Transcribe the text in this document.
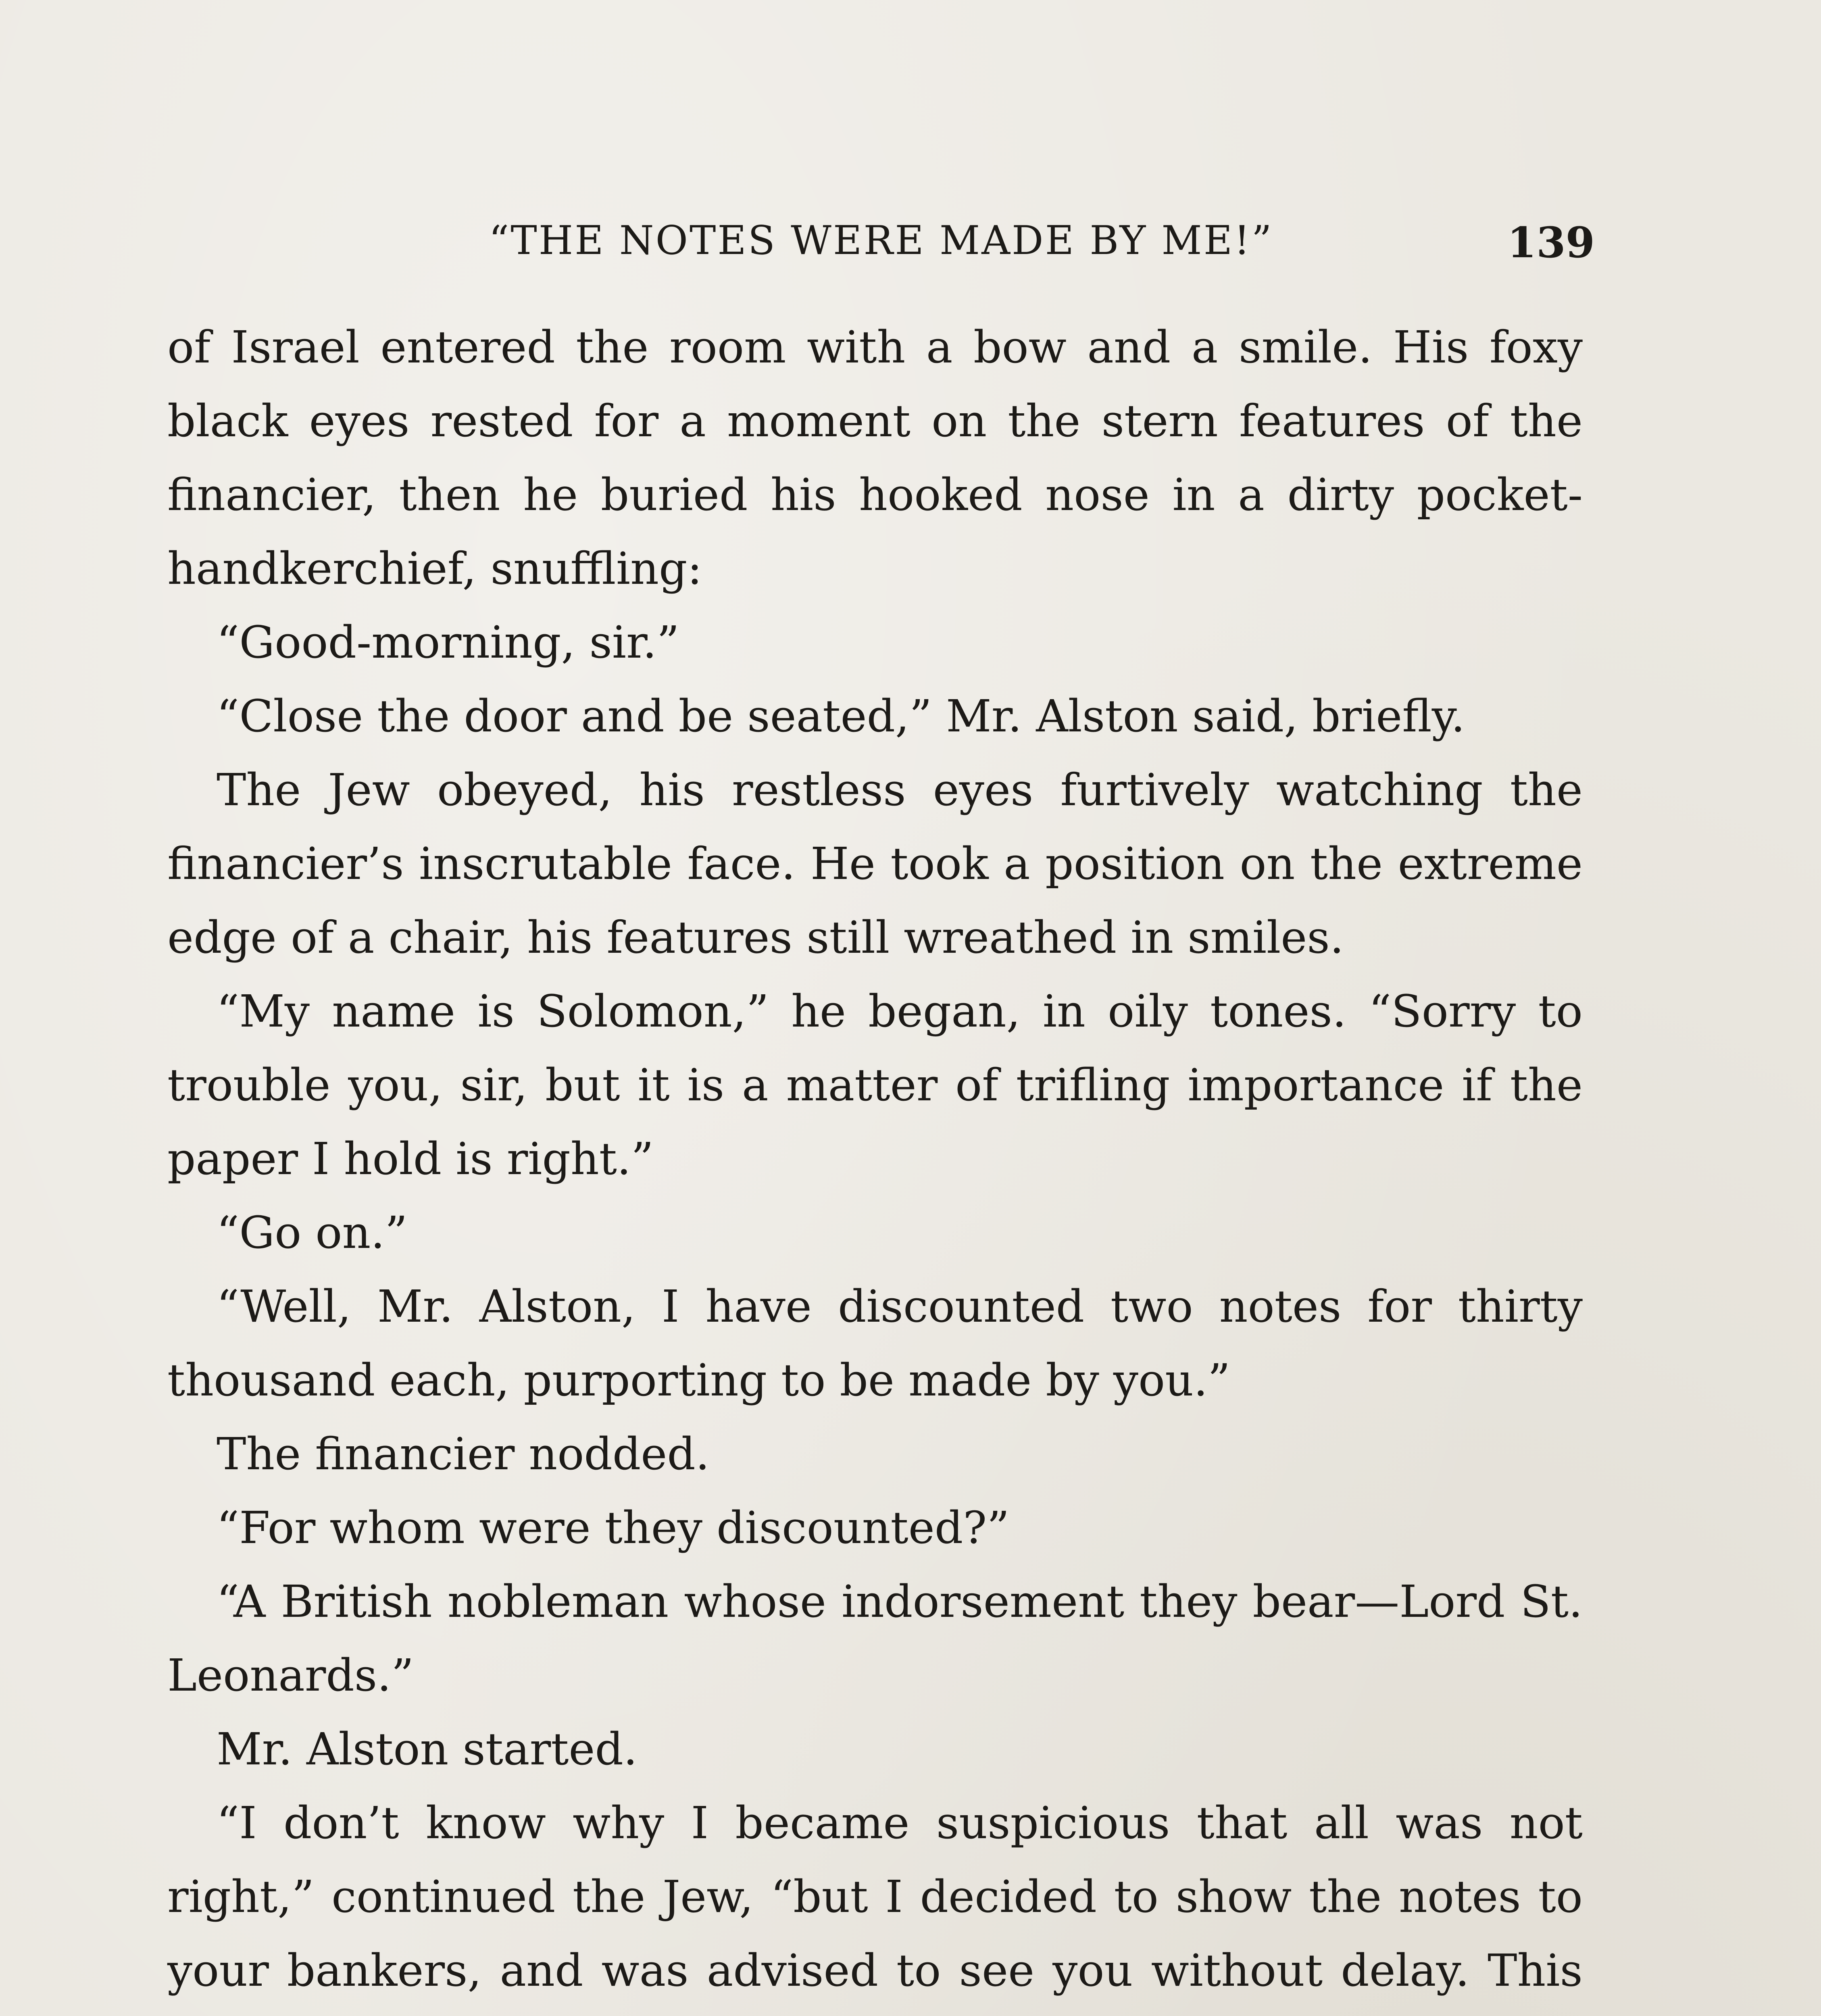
“THE NOTES WERE MADE BY ME!”	139

of Israel entered the room with a bow and a smile. His foxy black eyes rested for a moment on the stern features of the financier, then he buried his hooked nose in a dirty pocket-handkerchief, snuffling:

“Good-morning, sir.”

“Close the door and be seated,” Mr. Alston said, briefly.

The Jew obeyed, his restless eyes furtively watching the financier’s inscrutable face. He took a position on the extreme edge of a chair, his features still wreathed in smiles.

“My name is Solomon,” he began, in oily tones. “Sorry to trouble you, sir, but it is a matter of trifling importance if the paper I hold is right.”

“Go on.”

“Well, Mr. Alston, I have discounted two notes for thirty thousand each, purporting to be made by you.”

The financier nodded.

“For whom were they discounted?”

“A British nobleman whose indorsement they bear—Lord St. Leonards.”

Mr. Alston started.

“I don’t know why I became suspicious that all was not right,” continued the Jew, “but I decided to show the notes to your bankers, and was advised to see you without delay. This
